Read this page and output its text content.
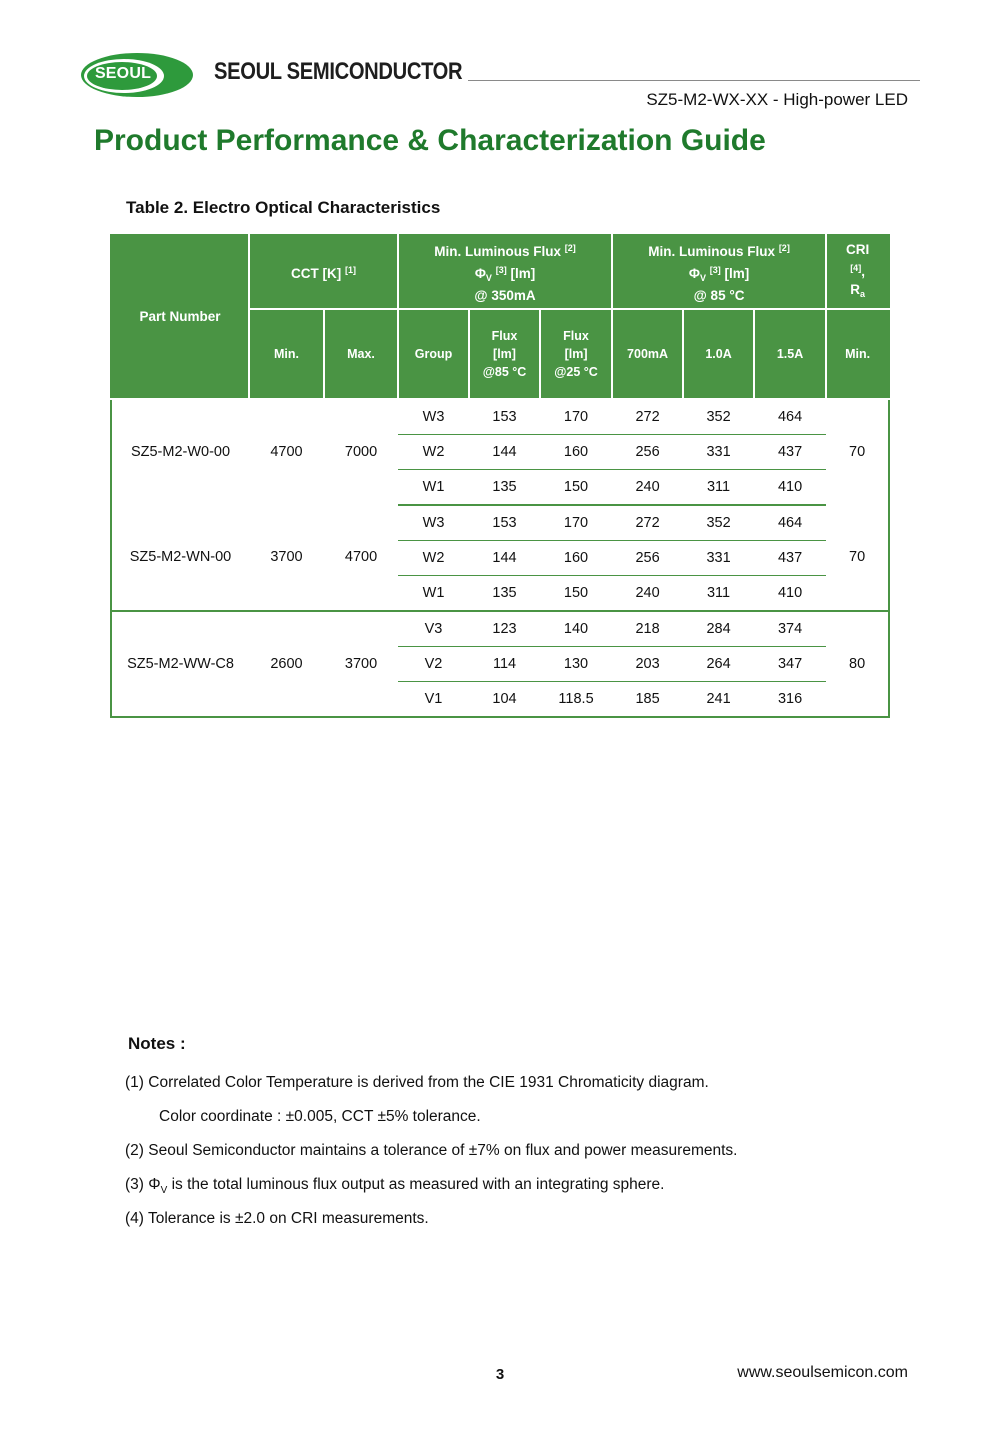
SEOUL	SEOUL SEMICONDUCTOR
SZ5-M2-WX-XX - High-power LED
Product Performance & Characterization Guide
Table 2. Electro Optical Characteristics
Part Number	CCT [K] [1]		Min. Luminous Flux [2]
$\Phi_V$ [3] [lm]
@ 350mA			Min. Luminous Flux [2]
$\Phi_V$ [3] [lm]
@ 85 °C			CRI
[4],
$R_a$
	Min.	Max.	Group	Flux
[lm]
@85 °C	Flux
[lm]
@25 °C	700mA	1.0A	1.5A	Min.
SZ5-M2-W0-00	4700	7000	W3	153	170	272	352	464	70
			W2	144	160	256	331	437	
			W1	135	150	240	311	410	
SZ5-M2-WN-00	3700	4700	W3	153	170	272	352	464	70
			W2	144	160	256	331	437	
			W1	135	150	240	311	410	
SZ5-M2-WW-C8	2600	3700	V3	123	140	218	284	374	80
			V2	114	130	203	264	347	
			V1	104	118.5	185	241	316	
Notes :
(1) Correlated Color Temperature is derived from the CIE 1931 Chromaticity diagram.
Color coordinate : ±0.005, CCT ±5% tolerance.
(2) Seoul Semiconductor maintains a tolerance of ±7% on flux and power measurements.
(3) $\Phi_V$ is the total luminous flux output as measured with an integrating sphere.
(4) Tolerance is ±2.0 on CRI measurements.
3	www.seoulsemicon.com
